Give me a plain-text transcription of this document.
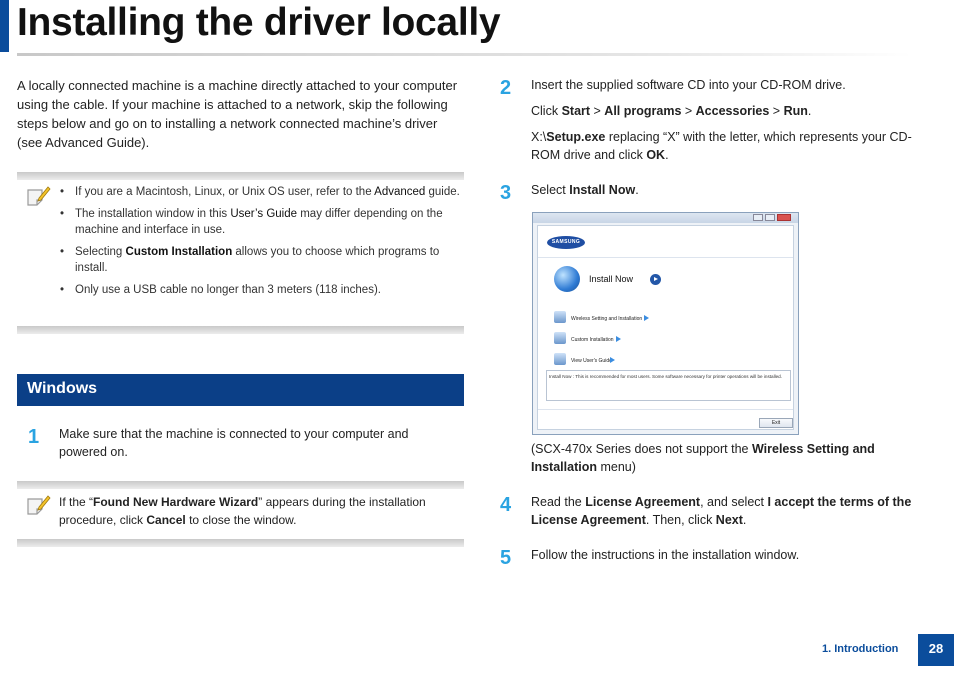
Installing the driver locally

A locally connected machine is a machine directly attached to your computer using the cable. If your machine is attached to a network, skip the following steps below and go on to installing a network connected machine’s driver (see Advanced Guide).

• If you are a Macintosh, Linux, or Unix OS user, refer to the Advanced guide.
• The installation window in this User’s Guide may differ depending on the machine and interface in use.
• Selecting Custom Installation allows you to choose which programs to install.
• Only use a USB cable no longer than 3 meters (118 inches).
Windows
1 Make sure that the machine is connected to your computer and powered on.

If the “Found New Hardware Wizard” appears during the installation procedure, click Cancel to close the window.

2 Insert the supplied software CD into your CD-ROM drive.

Click Start > All programs > Accessories > Run.

X:\Setup.exe replacing “X” with the letter, which represents your CD-ROM drive and click OK.

3 Select Install Now.

SAMSUNG
Install Now
Wireless Setting and Installation
Custom Installation
View User's Guide
Install Now : This is recommended for most users. Some software necessary for printer operations will be installed.
Exit

(SCX-470x Series does not support the Wireless Setting and Installation menu)

4 Read the License Agreement, and select I accept the terms of the License Agreement. Then, click Next.

5 Follow the instructions in the installation window.

1. Introduction	28
